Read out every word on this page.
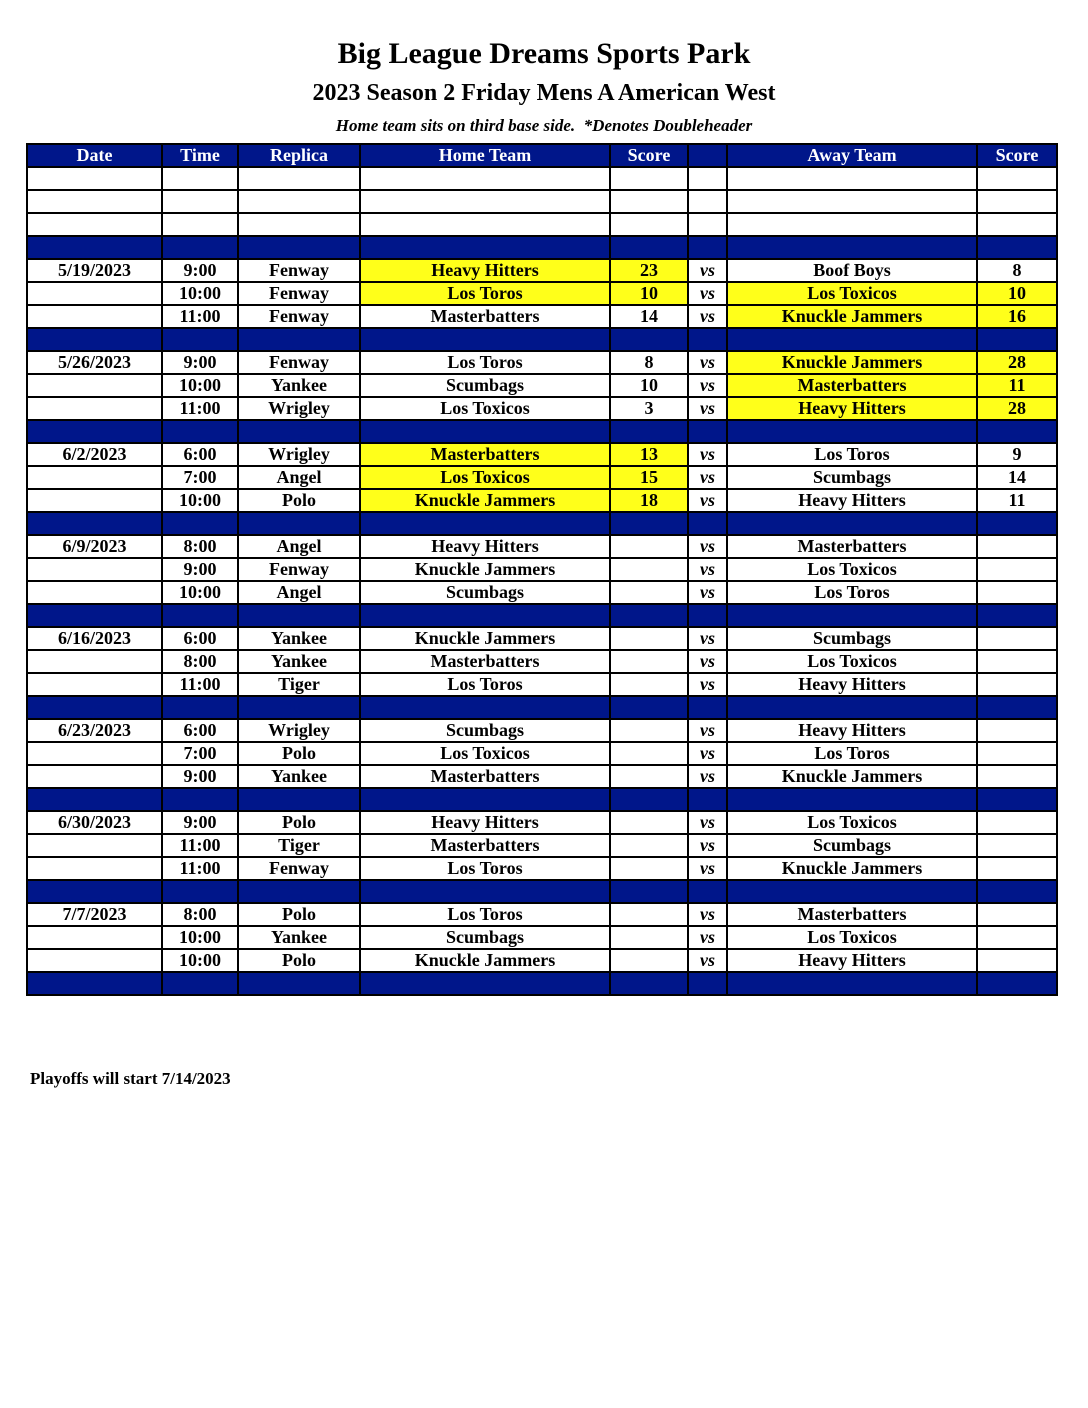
Big League Dreams Sports Park
2023 Season 2 Friday Mens A American West
Home team sits on third base side.  *Denotes Doubleheader
Date	Time	Replica	Home Team	Score		Away Team	Score

5/19/2023	9:00	Fenway	Heavy Hitters	23	vs	Boof Boys	8
	10:00	Fenway	Los Toros	10	vs	Los Toxicos	10
	11:00	Fenway	Masterbatters	14	vs	Knuckle Jammers	16

5/26/2023	9:00	Fenway	Los Toros	8	vs	Knuckle Jammers	28
	10:00	Yankee	Scumbags	10	vs	Masterbatters	11
	11:00	Wrigley	Los Toxicos	3	vs	Heavy Hitters	28

6/2/2023	6:00	Wrigley	Masterbatters	13	vs	Los Toros	9
	7:00	Angel	Los Toxicos	15	vs	Scumbags	14
	10:00	Polo	Knuckle Jammers	18	vs	Heavy Hitters	11

6/9/2023	8:00	Angel	Heavy Hitters		vs	Masterbatters	
	9:00	Fenway	Knuckle Jammers		vs	Los Toxicos	
	10:00	Angel	Scumbags		vs	Los Toros	

6/16/2023	6:00	Yankee	Knuckle Jammers		vs	Scumbags	
	8:00	Yankee	Masterbatters		vs	Los Toxicos	
	11:00	Tiger	Los Toros		vs	Heavy Hitters	

6/23/2023	6:00	Wrigley	Scumbags		vs	Heavy Hitters	
	7:00	Polo	Los Toxicos		vs	Los Toros	
	9:00	Yankee	Masterbatters		vs	Knuckle Jammers	

6/30/2023	9:00	Polo	Heavy Hitters		vs	Los Toxicos	
	11:00	Tiger	Masterbatters		vs	Scumbags	
	11:00	Fenway	Los Toros		vs	Knuckle Jammers	

7/7/2023	8:00	Polo	Los Toros		vs	Masterbatters	
	10:00	Yankee	Scumbags		vs	Los Toxicos	
	10:00	Polo	Knuckle Jammers		vs	Heavy Hitters	

Playoffs will start 7/14/2023
